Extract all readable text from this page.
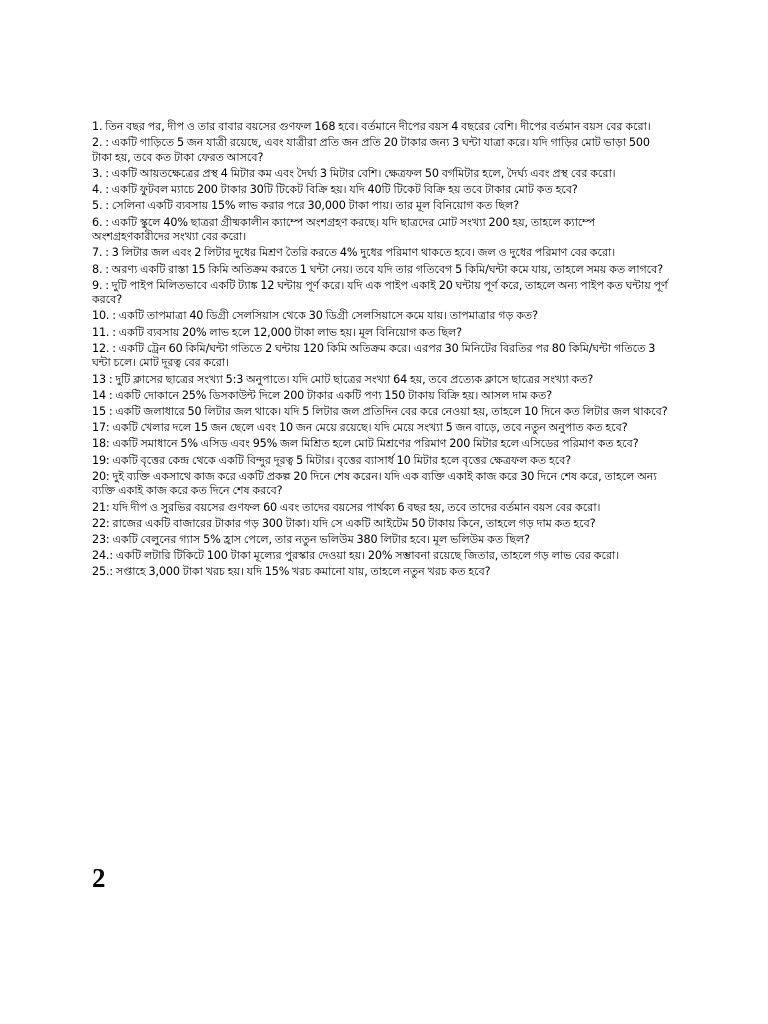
1. তিন বছর পর, দীপ ও তার বাবার বয়সের গুণফল 168 হবে। বর্তমানে দীপের বয়স 4 বছরের বেশি। দীপের বর্তমান বয়স বের করো।
2. : একটি গাড়িতে 5 জন যাত্রী রয়েছে, এবং যাত্রীরা প্রতি জন প্রতি 20 টাকার জন্য 3 ঘন্টা যাত্রা করে। যদি গাড়ির মোট ভাড়া 500 টাকা হয়, তবে কত টাকা ফেরত আসবে?
3. : একটি আয়তক্ষেত্রের প্রস্থ 4 মিটার কম এবং দৈর্ঘ্য 3 মিটার বেশি। ক্ষেত্রফল 50 বর্গমিটার হলে, দৈর্ঘ্য এবং প্রস্থ বের করো।
4. : একটি ফুটবল ম্যাচে 200 টাকার 30টি টিকেট বিক্রি হয়। যদি 40টি টিকেট বিক্রি হয় তবে টাকার মোট কত হবে?
5. : সেলিনা একটি ব্যবসায় 15% লাভ করার পরে 30,000 টাকা পায়। তার মূল বিনিয়োগ কত ছিল?
6. : একটি স্কুলে 40% ছাত্ররা গ্রীষ্মকালীন ক্যাম্পে অংশগ্রহণ করছে। যদি ছাত্রদের মোট সংখ্যা 200 হয়, তাহলে ক্যাম্পে অংশগ্রহণকারীদের সংখ্যা বের করো।
7. : 3 লিটার জল এবং 2 লিটার দুধের মিশ্রণ তৈরি করতে 4% দুধের পরিমাণ থাকতে হবে। জল ও দুধের পরিমাণ বের করো।
8. : অরণ্য একটি রাস্তা 15 কিমি অতিক্রম করতে 1 ঘন্টা নেয়। তবে যদি তার গতিবেগ 5 কিমি/ঘন্টা কমে যায়, তাহলে সময় কত লাগবে?
9. : দুটি পাইপ মিলিতভাবে একটি ট্যাঙ্ক 12 ঘন্টায় পূর্ণ করে। যদি এক পাইপ একাই 20 ঘন্টায় পূর্ণ করে, তাহলে অন্য পাইপ কত ঘন্টায় পূর্ণ করবে?
10. : একটি তাপমাত্রা 40 ডিগ্রী সেলসিয়াস থেকে 30 ডিগ্রী সেলসিয়াসে কমে যায়। তাপমাত্রার গড় কত?
11. : একটি ব্যবসায় 20% লাভ হলে 12,000 টাকা লাভ হয়। মূল বিনিয়োগ কত ছিল?
12. : একটি ট্রেন 60 কিমি/ঘন্টা গতিতে 2 ঘন্টায় 120 কিমি অতিক্রম করে। এরপর 30 মিনিটের বিরতির পর 80 কিমি/ঘন্টা গতিতে 3 ঘন্টা চলে। মোট দূরত্ব বের করো।
13 : দুটি ক্লাসের ছাত্রের সংখ্যা 5:3 অনুপাতে। যদি মোট ছাত্রের সংখ্যা 64 হয়, তবে প্রত্যেক ক্লাসে ছাত্রের সংখ্যা কত?
14 : একটি দোকানে 25% ডিসকাউন্ট দিলে 200 টাকার একটি পণ্য 150 টাকায় বিক্রি হয়। আসল দাম কত?
15 : একটি জলাধারে 50 লিটার জল থাকে। যদি 5 লিটার জল প্রতিদিন বের করে নেওয়া হয়, তাহলে 10 দিনে কত লিটার জল থাকবে?
17: একটি খেলার দলে 15 জন ছেলে এবং 10 জন মেয়ে রয়েছে। যদি মেয়ে সংখ্যা 5 জন বাড়ে, তবে নতুন অনুপাত কত হবে?
18: একটি সমাধানে 5% এসিড এবং 95% জল মিশ্রিত হলে মোট মিশ্রণের পরিমাণ 200 মিটার হলে এসিডের পরিমাণ কত হবে?
19: একটি বৃত্তের কেন্দ্র থেকে একটি বিন্দুর দূরত্ব 5 মিটার। বৃত্তের ব্যাসার্ধ 10 মিটার হলে বৃত্তের ক্ষেত্রফল কত হবে?
20: দুই ব্যক্তি একসাথে কাজ করে একটি প্রকল্প 20 দিনে শেষ করেন। যদি এক ব্যক্তি একাই কাজ করে 30 দিনে শেষ করে, তাহলে অন্য ব্যক্তি একাই কাজ করে কত দিনে শেষ করবে?
21: যদি দীপ ও সুরভির বয়সের গুণফল 60 এবং তাদের বয়সের পার্থক্য 6 বছর হয়, তবে তাদের বর্তমান বয়স বের করো।
22: রাজের একটি বাজারের টাকার গড় 300 টাকা। যদি সে একটি আইটেম 50 টাকায় কিনে, তাহলে গড় দাম কত হবে?
23: একটি বেলুনের গ্যাস 5% হ্রাস পেলে, তার নতুন ভলিউম 380 লিটার হবে। মূল ভলিউম কত ছিল?
24.: একটি লটারি টিকিটে 100 টাকা মূল্যের পুরস্কার দেওয়া হয়। 20% সম্ভাবনা রয়েছে জিতার, তাহলে গড় লাভ বের করো।
25.: সপ্তাহে 3,000 টাকা খরচ হয়। যদি 15% খরচ কমানো যায়, তাহলে নতুন খরচ কত হবে?
2
